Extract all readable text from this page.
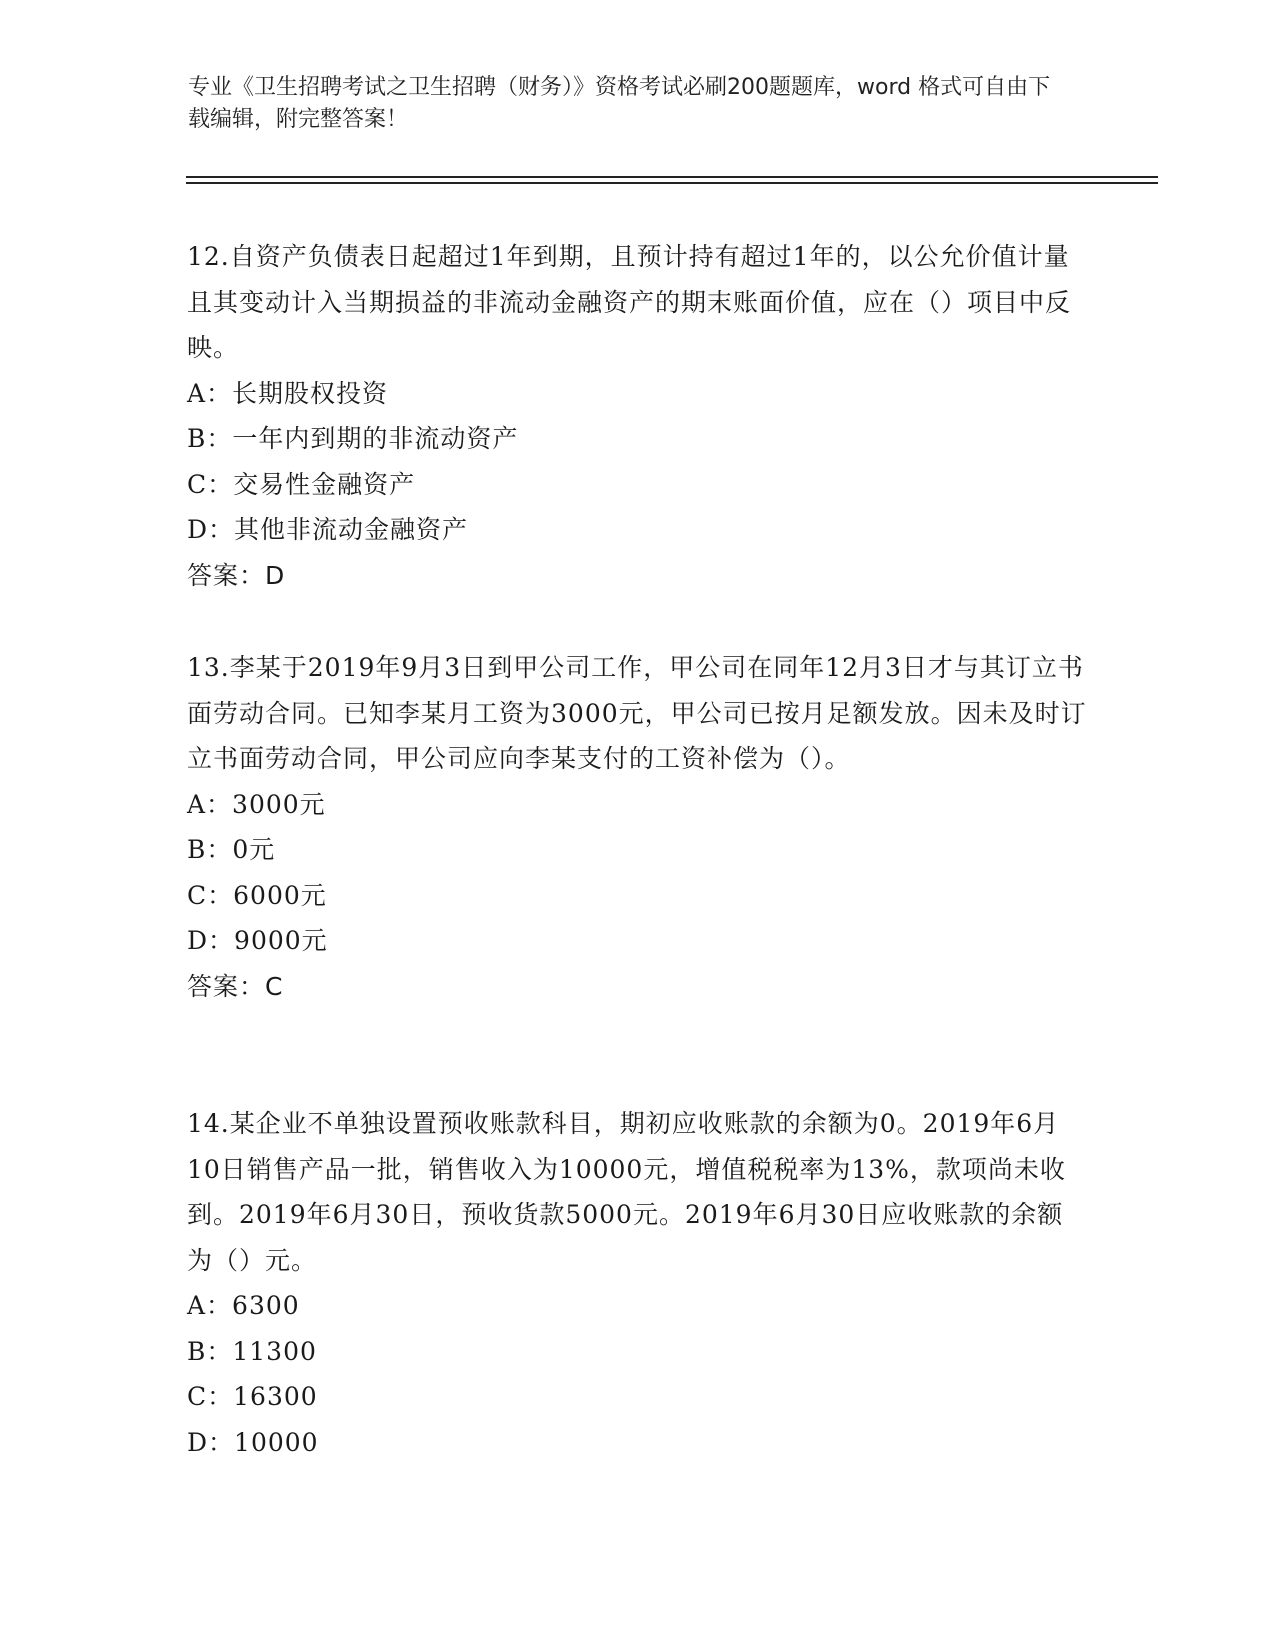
专业《卫生招聘考试之卫生招聘（财务）》资格考试必刷200题题库，word 格式可自由下载编辑，附完整答案！

12.自资产负债表日起超过1年到期，且预计持有超过1年的，以公允价值计量且其变动计入当期损益的非流动金融资产的期末账面价值，应在（）项目中反映。

A：长期股权投资

B：一年内到期的非流动资产

C：交易性金融资产

D：其他非流动金融资产

答案：D

13.李某于2019年9月3日到甲公司工作，甲公司在同年12月3日才与其订立书面劳动合同。已知李某月工资为3000元，甲公司已按月足额发放。因未及时订立书面劳动合同，甲公司应向李某支付的工资补偿为（）。

A：3000元

B：0元

C：6000元

D：9000元

答案：C

14.某企业不单独设置预收账款科目，期初应收账款的余额为0。2019年6月10日销售产品一批，销售收入为10000元，增值税税率为13%，款项尚未收到。2019年6月30日，预收货款5000元。2019年6月30日应收账款的余额为（）元。

A：6300

B：11300

C：16300

D：10000
